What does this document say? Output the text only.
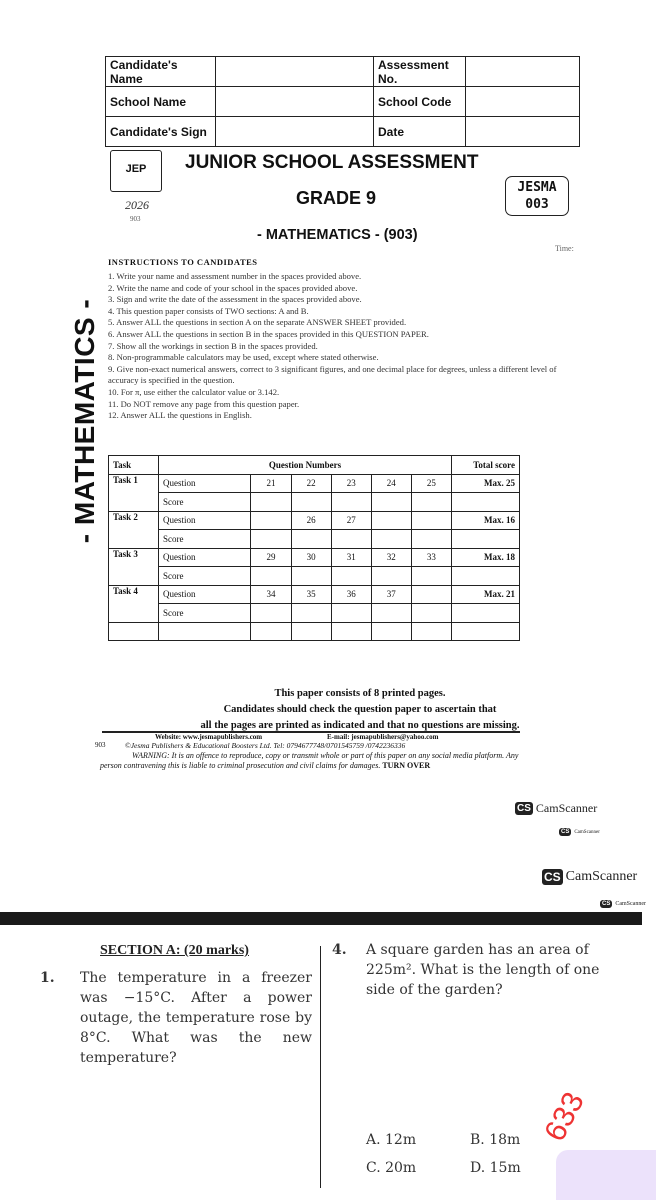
Candidate's Name		Assessment No.	
School Name		School Code	
Candidate's Sign		Date	
JEP
2026
903
JUNIOR SCHOOL ASSESSMENT
GRADE 9
JESMA
003
- MATHEMATICS - (903)
Time:
- MATHEMATICS -
INSTRUCTIONS TO CANDIDATES
1. Write your name and assessment number in the spaces provided above.
2. Write the name and code of your school in the spaces provided above.
3. Sign and write the date of the assessment in the spaces provided above.
4. This question paper consists of TWO sections: A and B.
5. Answer ALL the questions in section A on the separate ANSWER SHEET provided.
6. Answer ALL the questions in section B in the spaces provided in this QUESTION PAPER.
7. Show all the workings in section B in the spaces provided.
8. Non-programmable calculators may be used, except where stated otherwise.
9. Give non-exact numerical answers, correct to 3 significant figures, and one decimal place for degrees, unless a different level of accuracy is specified in the question.
10. For π, use either the calculator value or 3.142.
11. Do NOT remove any page from this question paper.
12. Answer ALL the questions in English.
Task	Question Numbers						Total score
Task 1	Question	21	22	23	24	25	Max. 25
	Score						
Task 2	Question		26	27			Max. 16
	Score						
Task 3	Question	29	30	31	32	33	Max. 18
	Score						
Task 4	Question	34	35	36	37		Max. 21
	Score						

This paper consists of 8 printed pages.
Candidates should check the question paper to ascertain that
all the pages are printed as indicated and that no questions are missing.
Website: www.jesmapublishers.com	E-mail: jesmapublishers@yahoo.com
903	©Jesma Publishers & Educational Boosters Ltd. Tel: 0794677748/0701545759 /0742236336
WARNING: It is an offence to reproduce, copy or transmit whole or part of this paper on any social media platform. Any person contravening this is liable to criminal prosecution and civil claims for damages. TURN OVER
CS CamScanner
CS	CamScanner
CS CamScanner
CS CamScanner
SECTION A: (20 marks)
1. The temperature in a freezer was −15°C. After a power outage, the temperature rose by 8°C. What was the new temperature?
4. A square garden has an area of 225m². What is the length of one side of the garden?
A. 12m	B. 18m
C. 20m	D. 15m
633
